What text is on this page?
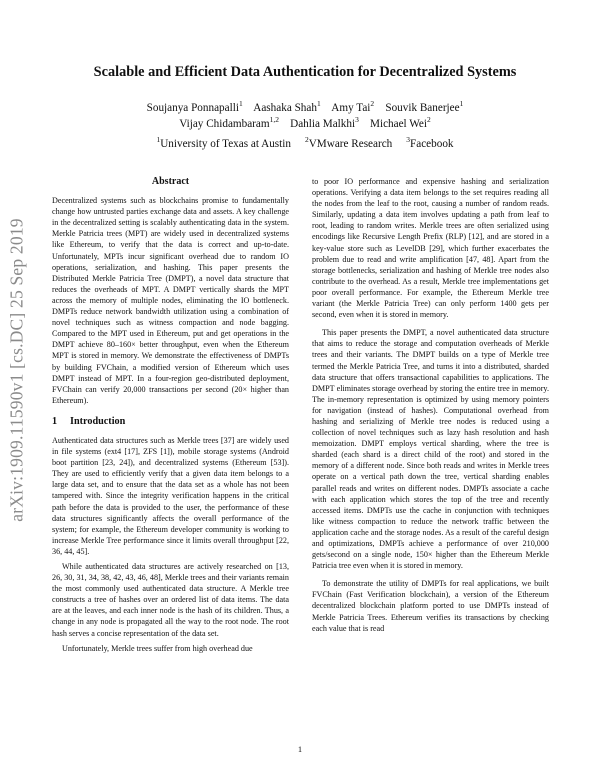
arXiv:1909.11590v1 [cs.DC] 25 Sep 2019
Scalable and Efficient Data Authentication for Decentralized Systems
Soujanya Ponnapalli$^1$ Aashaka Shah$^1$ Amy Tai$^2$ Souvik Banerjee$^1$
Vijay Chidambaram$^{1,2}$ Dahlia Malkhi$^3$ Michael Wei$^2$
$^1$University of Texas at Austin $^2$VMware Research $^3$Facebook
Abstract

Decentralized systems such as blockchains promise to fundamentally change how untrusted parties exchange data and assets. A key challenge in the decentralized setting is scalably authenticating data in the system. Merkle Patricia trees (MPT) are widely used in decentralized systems like Ethereum, to verify that the data is correct and up-to-date. Unfortunately, MPTs incur significant overhead due to random IO operations, serialization, and hashing. This paper presents the Distributed Merkle Patricia Tree (DMPT), a novel data structure that reduces the overheads of MPT. A DMPT vertically shards the MPT across the memory of multiple nodes, eliminating the IO bottleneck. DMPTs reduce network bandwidth utilization using a combination of novel techniques such as witness compaction and node bagging. Compared to the MPT used in Ethereum, put and get operations in the DMPT achieve 80–160× better throughput, even when the Ethereum MPT is stored in memory. We demonstrate the effectiveness of DMPTs by building FVChain, a modified version of Ethereum which uses DMPT instead of MPT. In a four-region geo-distributed deployment, FVChain can verify 20,000 transactions per second (20× higher than Ethereum).

1 Introduction

Authenticated data structures such as Merkle trees [37] are widely used in file systems (ext4 [17], ZFS [1]), mobile storage systems (Android boot partition [23, 24]), and decentralized systems (Ethereum [53]). They are used to efficiently verify that a given data item belongs to a large data set, and to ensure that the data set as a whole has not been tampered with. Since the integrity verification happens in the critical path before the data is provided to the user, the performance of these data structures significantly affects the overall performance of the system; for example, the Ethereum developer community is working to increase Merkle Tree performance since it limits overall throughput [22, 36, 44, 45].

While authenticated data structures are actively researched on [13, 26, 30, 31, 34, 38, 42, 43, 46, 48], Merkle trees and their variants remain the most commonly used authenticated data structure. A Merkle tree constructs a tree of hashes over an ordered list of data items. The data are at the leaves, and each inner node is the hash of its children. Thus, a change in any node is propagated all the way to the root node. The root hash serves a concise representation of the data set.

Unfortunately, Merkle trees suffer from high overhead due

to poor IO performance and expensive hashing and serialization operations. Verifying a data item belongs to the set requires reading all the nodes from the leaf to the root, causing a number of random reads. Similarly, updating a data item involves updating a path from leaf to root, leading to random writes. Merkle trees are often serialized using encodings like Recursive Length Prefix (RLP) [12], and are stored in a key-value store such as LevelDB [29], which further exacerbates the problem due to read and write amplification [47, 48]. Apart from the storage bottlenecks, serialization and hashing of Merkle tree nodes also contribute to the overhead. As a result, Merkle tree implementations get poor overall performance. For example, the Ethereum Merkle tree variant (the Merkle Patricia Tree) can only perform 1400 gets per second, even when it is stored in memory.

This paper presents the DMPT, a novel authenticated data structure that aims to reduce the storage and computation overheads of Merkle trees and their variants. The DMPT builds on a type of Merkle tree termed the Merkle Patricia Tree, and turns it into a distributed, sharded data structure that offers transactional capabilities to applications. The DMPT eliminates storage overhead by storing the entire tree in memory. The in-memory representation is optimized by using memory pointers for navigation (instead of hashes). Computational overhead from hashing and serializing of Merkle tree nodes is reduced using a collection of novel techniques such as lazy hash resolution and hash memoization. DMPT employs vertical sharding, where the tree is sharded (each shard is a direct child of the root) and stored in the memory of a different node. Since both reads and writes in Merkle trees operate on a vertical path down the tree, vertical sharding enables parallel reads and writes on different nodes. DMPTs associate a cache with each application which stores the top of the tree and recently accessed items. DMPTs use the cache in conjunction with techniques like witness compaction to reduce the network traffic between the application cache and the storage nodes. As a result of the careful design and optimizations, DMPTs achieve a performance of over 210,000 gets/second on a single node, 150× higher than the Ethereum Merkle Patricia tree even when it is stored in memory.

To demonstrate the utility of DMPTs for real applications, we built FVChain (Fast Verification blockchain), a version of the Ethereum decentralized blockchain platform ported to use DMPTs instead of Merkle Patricia Trees. Ethereum verifies its transactions by checking each value that is read

1
